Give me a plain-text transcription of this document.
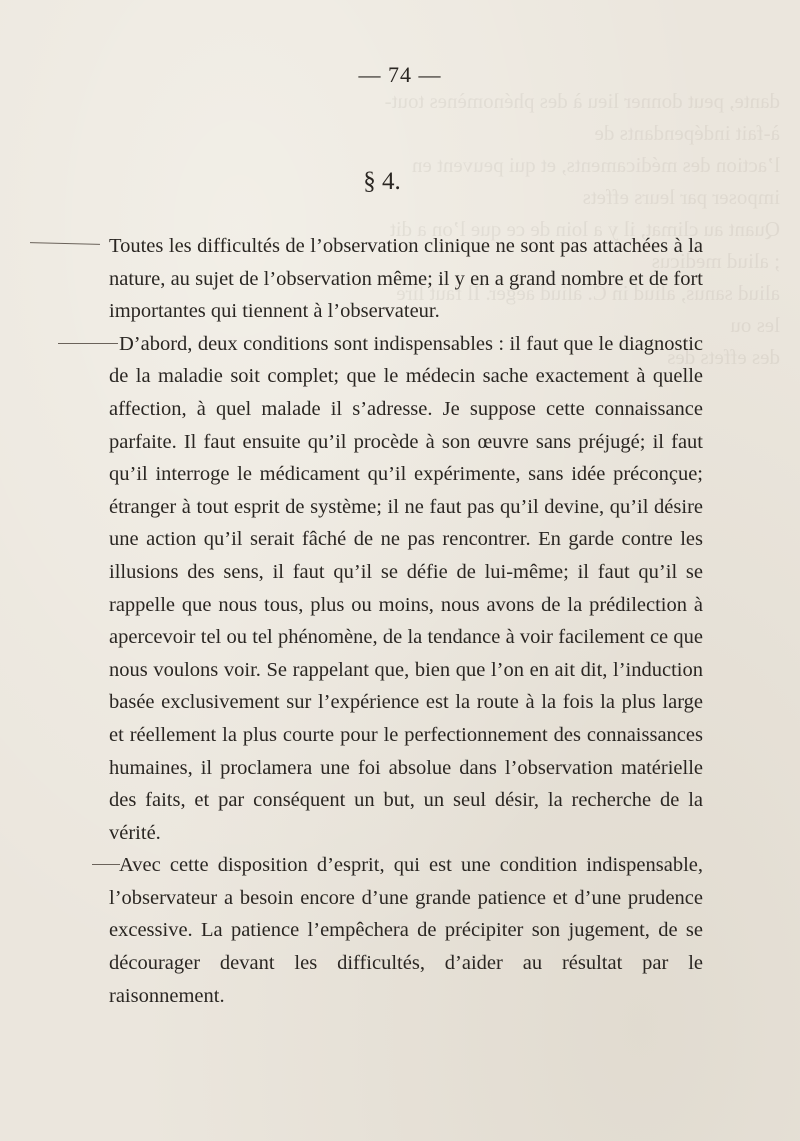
dante, peut donner lieu à des phénomènes tout-à-fait indépendants de
l’action des médicaments, et qui peuvent en imposer par leurs effets
Quant au climat, il y a loin de ce que l’on a dit ; aliud medicus
aliud sanus, aliud in C. aliud aeger. Il faut lire les ou
des effets des
— 74 —
§ 4.

Toutes les difficultés de l’observation clinique ne sont pas attachées à la nature, au sujet de l’observation même; il y en a grand nombre et de fort importantes qui tiennent à l’observateur.

D’abord, deux conditions sont indispensables : il faut que le diagnostic de la maladie soit complet; que le médecin sache exactement à quelle affection, à quel malade il s’adresse. Je suppose cette connaissance parfaite. Il faut ensuite qu’il procède à son œuvre sans préjugé; il faut qu’il interroge le médicament qu’il expérimente, sans idée préconçue; étranger à tout esprit de système; il ne faut pas qu’il devine, qu’il désire une action qu’il serait fâché de ne pas rencontrer. En garde contre les illusions des sens, il faut qu’il se défie de lui-même; il faut qu’il se rappelle que nous tous, plus ou moins, nous avons de la prédilection à apercevoir tel ou tel phénomène, de la tendance à voir facilement ce que nous voulons voir. Se rappelant que, bien que l’on en ait dit, l’induction basée exclusivement sur l’expérience est la route à la fois la plus large et réellement la plus courte pour le perfectionnement des connaissances humaines, il proclamera une foi absolue dans l’observation matérielle des faits, et par conséquent un but, un seul désir, la recherche de la vérité.

Avec cette disposition d’esprit, qui est une condition indispensable, l’observateur a besoin encore d’une grande patience et d’une prudence excessive. La patience l’empêchera de précipiter son jugement, de se décourager devant les difficultés, d’aider au résultat par le raisonnement.
